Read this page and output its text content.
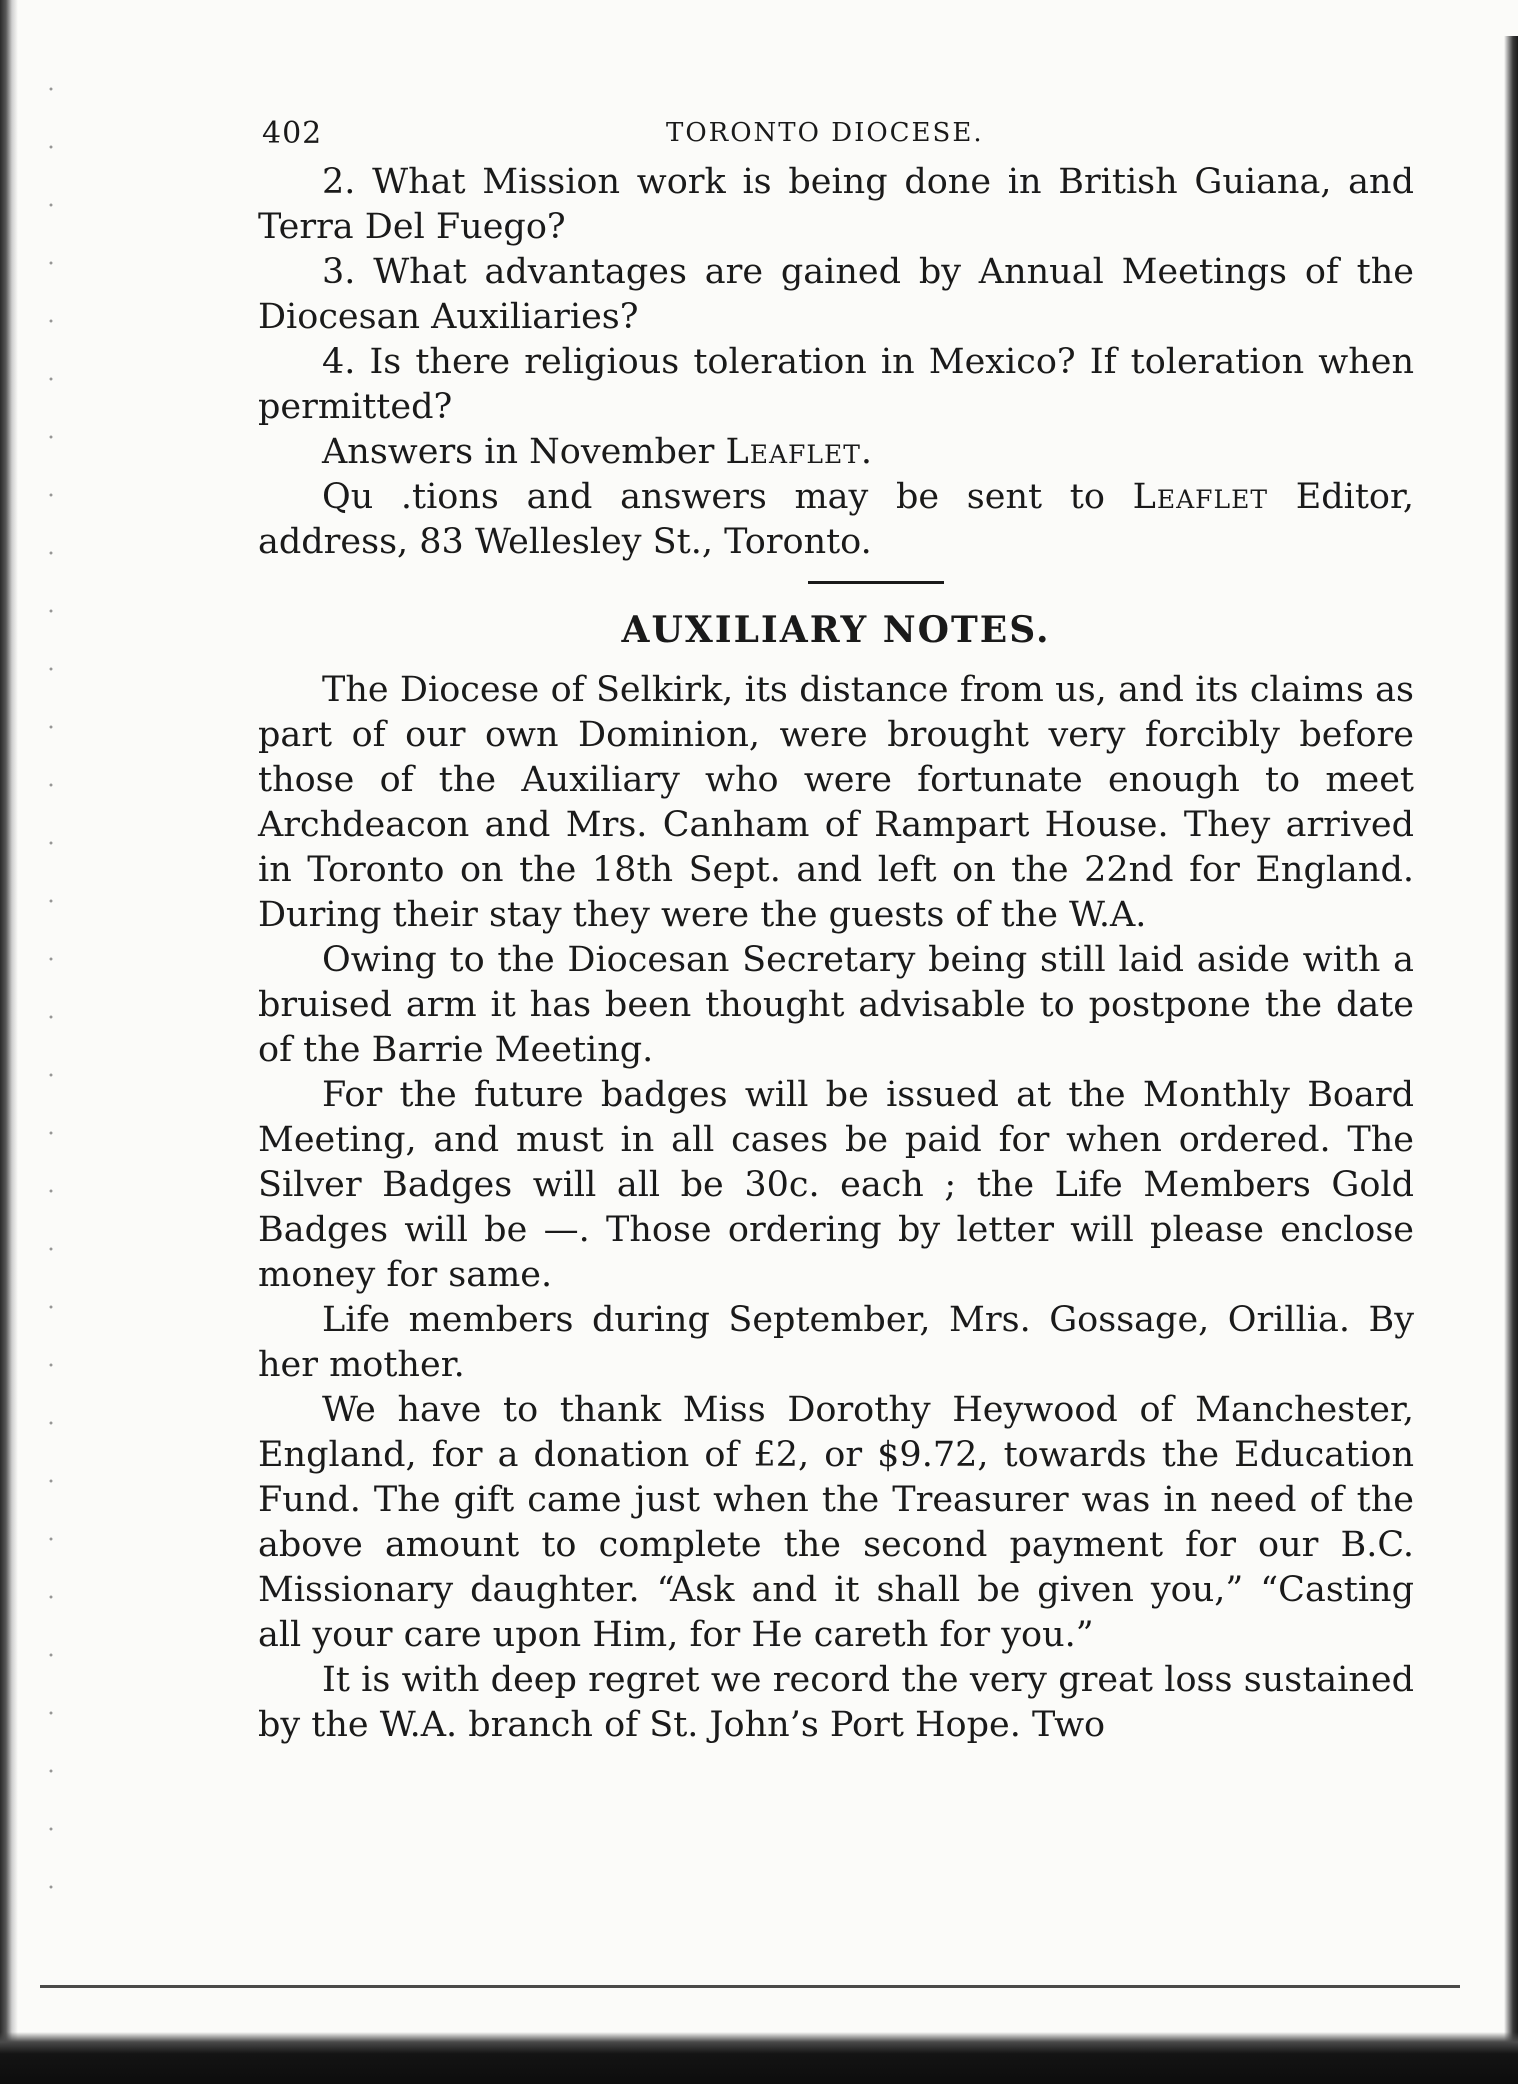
402	TORONTO DIOCESE.

2. What Mission work is being done in British Guiana, and Terra Del Fuego?

3. What advantages are gained by Annual Meetings of the Diocesan Auxiliaries?

4. Is there religious toleration in Mexico? If toleration when permitted?

Answers in November Leaflet.

Qu .tions and answers may be sent to Leaflet Editor, address, 83 Wellesley St., Toronto.

AUXILIARY NOTES.

The Diocese of Selkirk, its distance from us, and its claims as part of our own Dominion, were brought very forcibly before those of the Auxiliary who were fortunate enough to meet Archdeacon and Mrs. Canham of Rampart House. They arrived in Toronto on the 18th Sept. and left on the 22nd for England. During their stay they were the guests of the W.A.

Owing to the Diocesan Secretary being still laid aside with a bruised arm it has been thought advisable to postpone the date of the Barrie Meeting.

For the future badges will be issued at the Monthly Board Meeting, and must in all cases be paid for when ordered. The Silver Badges will all be 30c. each ; the Life Members Gold Badges will be —. Those ordering by letter will please enclose money for same.

Life members during September, Mrs. Gossage, Orillia. By her mother.

We have to thank Miss Dorothy Heywood of Manchester, England, for a donation of £2, or $9.72, towards the Education Fund. The gift came just when the Treasurer was in need of the above amount to complete the second payment for our B.C. Missionary daughter. “Ask and it shall be given you,” “Casting all your care upon Him, for He careth for you.”

It is with deep regret we record the very great loss sustained by the W.A. branch of St. John’s Port Hope. Two
